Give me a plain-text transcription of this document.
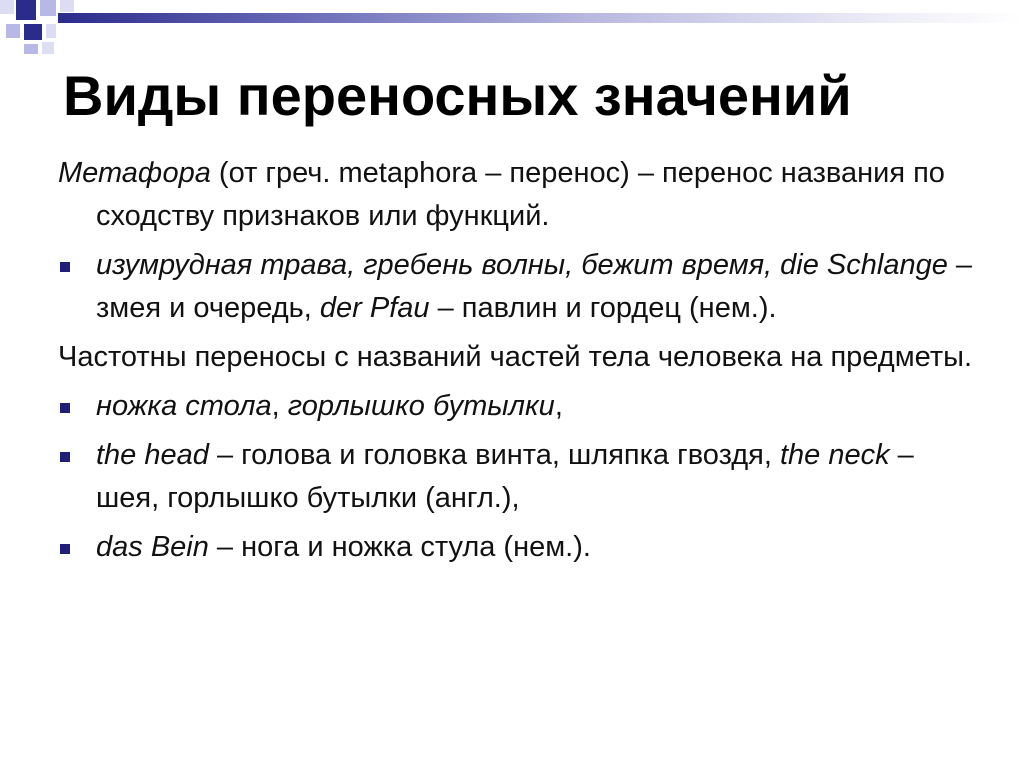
Виды переносных значений

Метафора (от греч. metaphora – перенос) – перенос названия по сходству признаков или функций.

изумрудная трава, гребень волны, бежит время, die Schlange – змея и очередь, der Pfau – павлин и гордец (нем.).

Частотны переносы с названий частей тела человека на предметы.

ножка стола, горлышко бутылки,

the head – голова и головка винта, шляпка гвоздя, the neck – шея, горлышко бутылки (англ.),

das Bein – нога и ножка стула (нем.).
